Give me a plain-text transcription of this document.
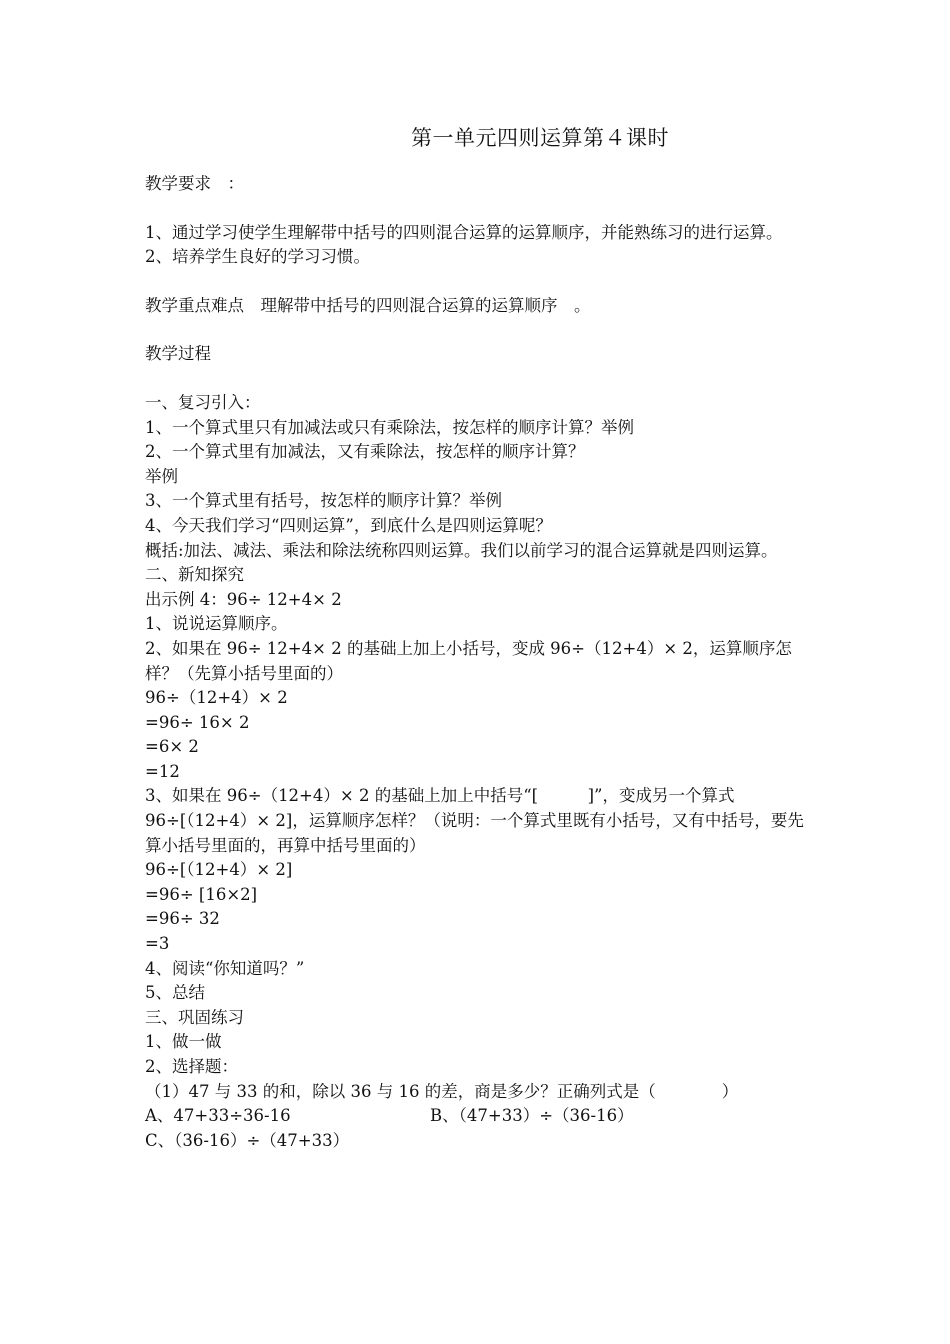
第一单元四则运算第４课时
教学要求　：
1、通过学习使学生理解带中括号的四则混合运算的运算顺序，并能熟练习的进行运算。
2、培养学生良好的学习习惯。
教学重点难点　理解带中括号的四则混合运算的运算顺序　。
教学过程
一、复习引入：
1、一个算式里只有加减法或只有乘除法，按怎样的顺序计算？举例
2、一个算式里有加减法，又有乘除法，按怎样的顺序计算？
举例
3、一个算式里有括号，按怎样的顺序计算？举例
4、今天我们学习“四则运算”，到底什么是四则运算呢？
概括:加法、减法、乘法和除法统称四则运算。我们以前学习的混合运算就是四则运算。
二、新知探究
出示例 4：96÷ 12+4× 2
1、说说运算顺序。
2、如果在 96÷ 12+4× 2 的基础上加上小括号，变成 96÷（12+4）× 2，运算顺序怎样？（先算小括号里面的）
96÷（12+4）× 2
=96÷ 16× 2
=6× 2
=12
3、如果在 96÷（12+4）× 2 的基础上加上中括号“[　　　]”，变成另一个算式96÷[（12+4）× 2]，运算顺序怎样？（说明：一个算式里既有小括号，又有中括号，要先算小括号里面的，再算中括号里面的）
96÷[（12+4）× 2]
=96÷ [16×2]
=96÷ 32
=3
4、阅读“你知道吗？”
5、总结
三、巩固练习
1、做一做
2、选择题：
（1）47 与 33 的和，除以 36 与 16 的差，商是多少？正确列式是（　　　　）
A、47+33÷36-16	B、（47+33）÷（36-16）
C、（36-16）÷（47+33）
